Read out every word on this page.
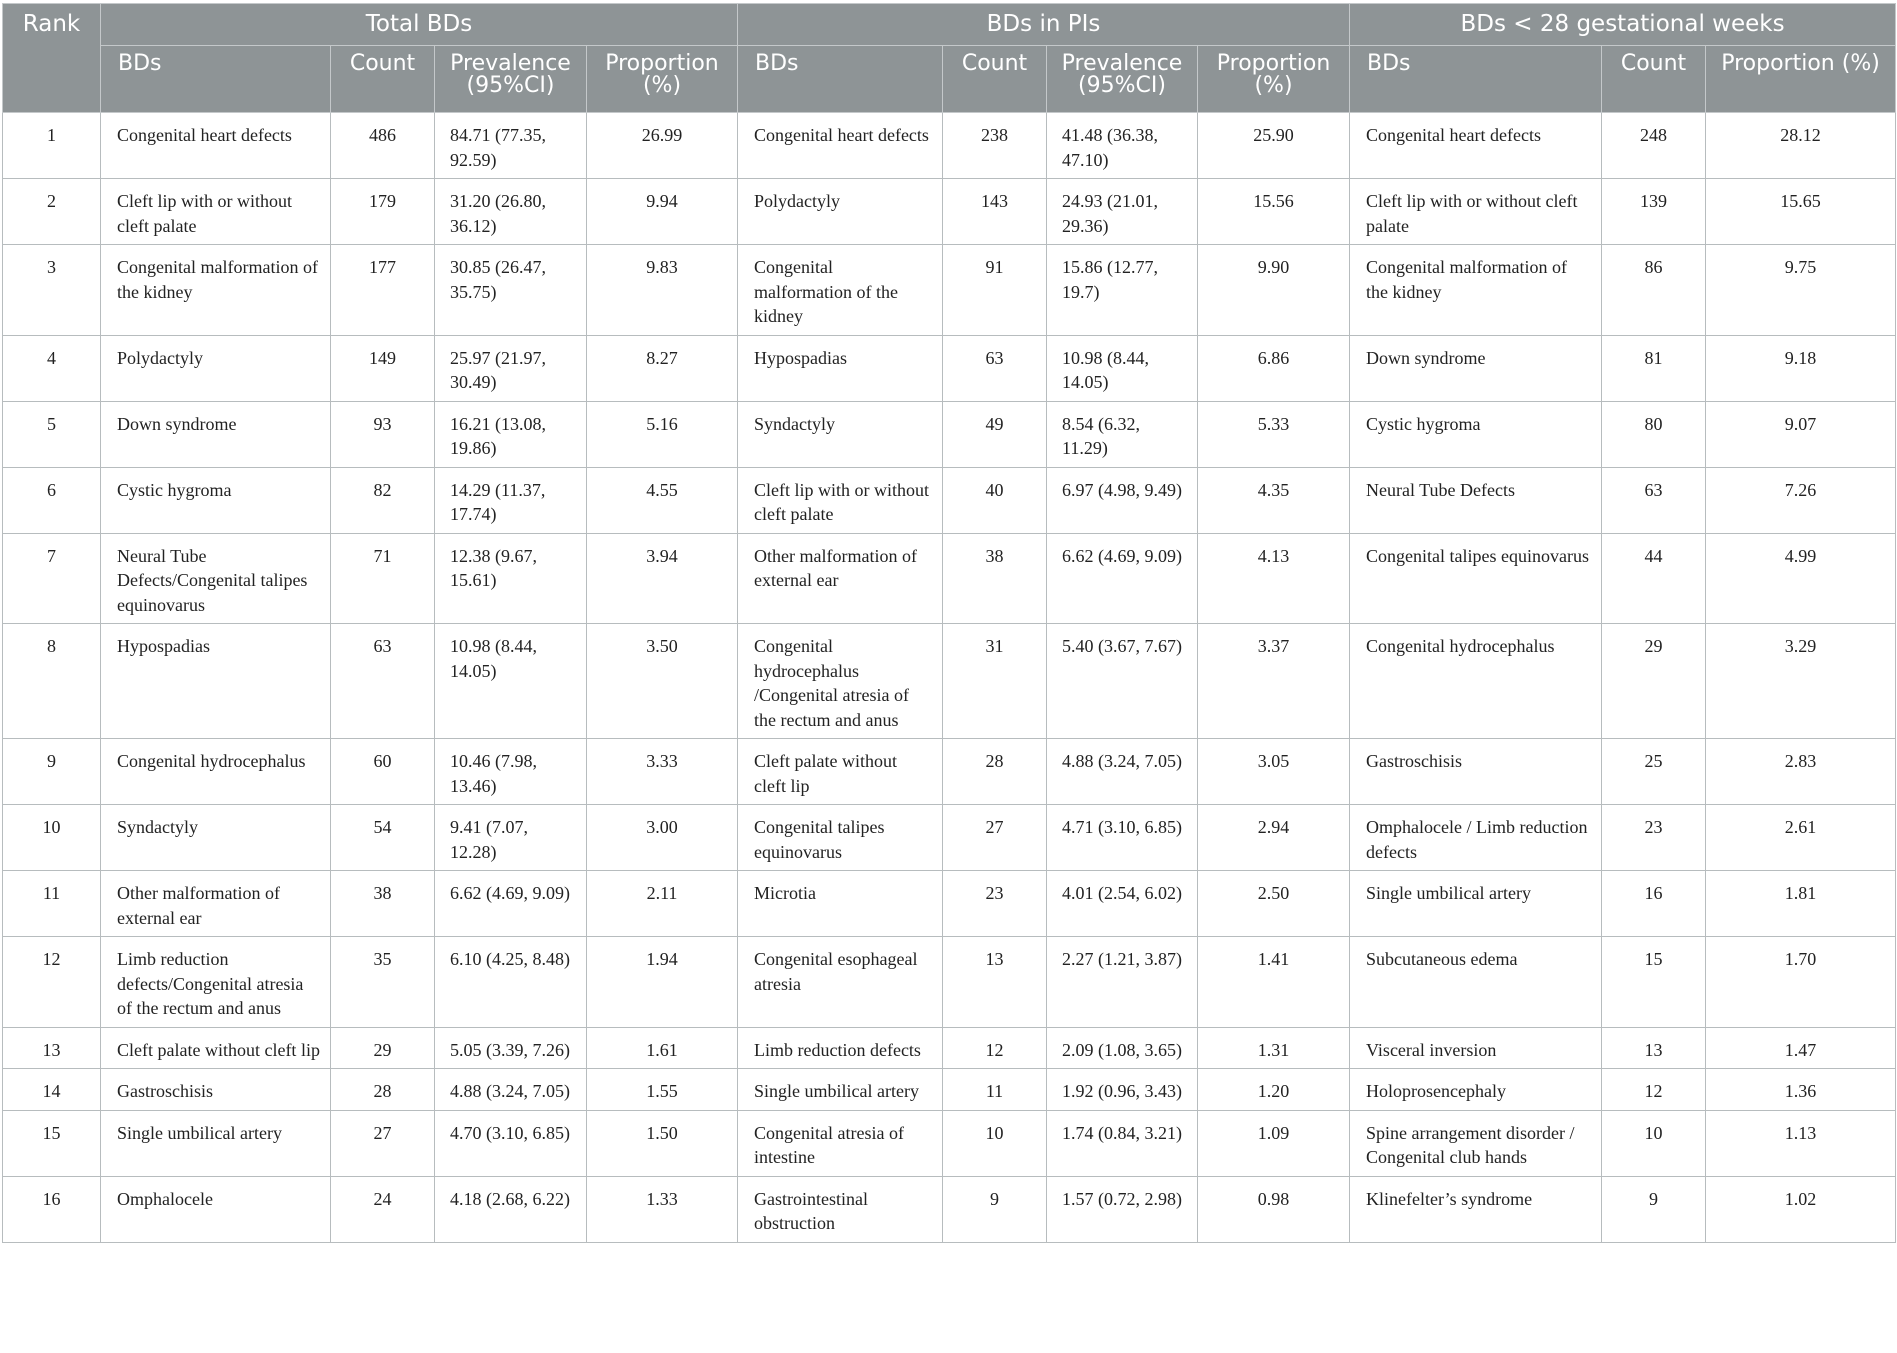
Rank	Total BDs				BDs in PIs				BDs < 28 gestational weeks		
	BDs	Count	Prevalence (95%CI)	Proportion (%)	BDs	Count	Prevalence (95%CI)	Proportion (%)	BDs	Count	Proportion (%)
1	Congenital heart defects	486	84.71 (77.35, 92.59)	26.99	Congenital heart defects	238	41.48 (36.38, 47.10)	25.90	Congenital heart defects	248	28.12
2	Cleft lip with or without cleft palate	179	31.20 (26.80, 36.12)	9.94	Polydactyly	143	24.93 (21.01, 29.36)	15.56	Cleft lip with or without cleft palate	139	15.65
3	Congenital malformation of the kidney	177	30.85 (26.47, 35.75)	9.83	Congenital malformation of the kidney	91	15.86 (12.77, 19.7)	9.90	Congenital malformation of the kidney	86	9.75
4	Polydactyly	149	25.97 (21.97, 30.49)	8.27	Hypospadias	63	10.98 (8.44, 14.05)	6.86	Down syndrome	81	9.18
5	Down syndrome	93	16.21 (13.08, 19.86)	5.16	Syndactyly	49	8.54 (6.32, 11.29)	5.33	Cystic hygroma	80	9.07
6	Cystic hygroma	82	14.29 (11.37, 17.74)	4.55	Cleft lip with or without cleft palate	40	6.97 (4.98, 9.49)	4.35	Neural Tube Defects	63	7.26
7	Neural Tube Defects/Congenital talipes equinovarus	71	12.38 (9.67, 15.61)	3.94	Other malformation of external ear	38	6.62 (4.69, 9.09)	4.13	Congenital talipes equinovarus	44	4.99
8	Hypospadias	63	10.98 (8.44, 14.05)	3.50	Congenital hydrocephalus /Congenital atresia of the rectum and anus	31	5.40 (3.67, 7.67)	3.37	Congenital hydrocephalus	29	3.29
9	Congenital hydrocephalus	60	10.46 (7.98, 13.46)	3.33	Cleft palate without cleft lip	28	4.88 (3.24, 7.05)	3.05	Gastroschisis	25	2.83
10	Syndactyly	54	9.41 (7.07, 12.28)	3.00	Congenital talipes equinovarus	27	4.71 (3.10, 6.85)	2.94	Omphalocele / Limb reduction defects	23	2.61
11	Other malformation of external ear	38	6.62 (4.69, 9.09)	2.11	Microtia	23	4.01 (2.54, 6.02)	2.50	Single umbilical artery	16	1.81
12	Limb reduction defects/Congenital atresia of the rectum and anus	35	6.10 (4.25, 8.48)	1.94	Congenital esophageal atresia	13	2.27 (1.21, 3.87)	1.41	Subcutaneous edema	15	1.70
13	Cleft palate without cleft lip	29	5.05 (3.39, 7.26)	1.61	Limb reduction defects	12	2.09 (1.08, 3.65)	1.31	Visceral inversion	13	1.47
14	Gastroschisis	28	4.88 (3.24, 7.05)	1.55	Single umbilical artery	11	1.92 (0.96, 3.43)	1.20	Holoprosencephaly	12	1.36
15	Single umbilical artery	27	4.70 (3.10, 6.85)	1.50	Congenital atresia of intestine	10	1.74 (0.84, 3.21)	1.09	Spine arrangement disorder / Congenital club hands	10	1.13
16	Omphalocele	24	4.18 (2.68, 6.22)	1.33	Gastrointestinal obstruction	9	1.57 (0.72, 2.98)	0.98	Klinefelter’s syndrome	9	1.02
